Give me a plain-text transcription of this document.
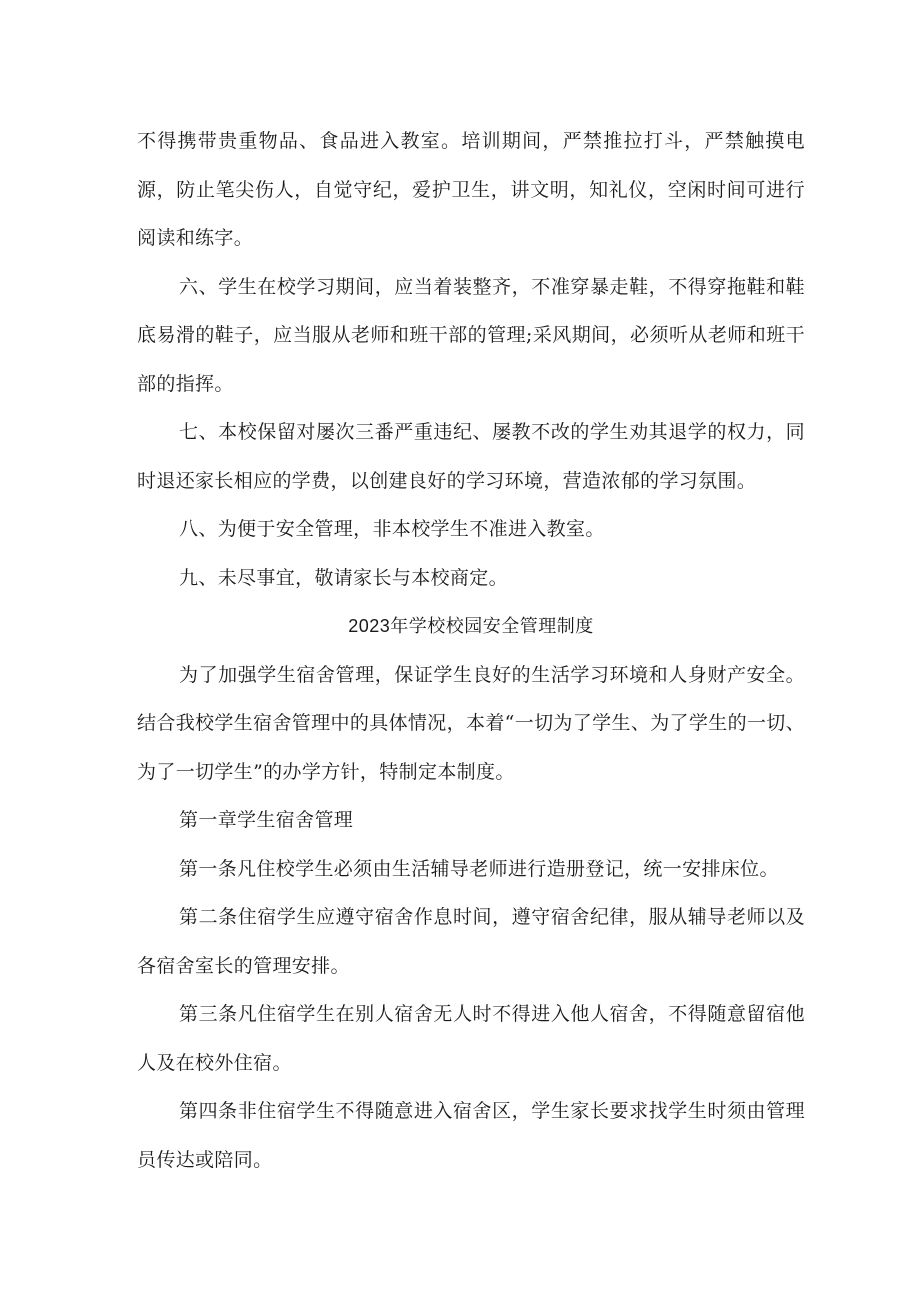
不得携带贵重物品、食品进入教室。培训期间，严禁推拉打斗，严禁触摸电源，防止笔尖伤人，自觉守纪，爱护卫生，讲文明，知礼仪，空闲时间可进行阅读和练字。

六、学生在校学习期间，应当着装整齐，不准穿暴走鞋，不得穿拖鞋和鞋底易滑的鞋子，应当服从老师和班干部的管理;采风期间，必须听从老师和班干部的指挥。

七、本校保留对屡次三番严重违纪、屡教不改的学生劝其退学的权力，同时退还家长相应的学费，以创建良好的学习环境，营造浓郁的学习氛围。

八、为便于安全管理，非本校学生不准进入教室。

九、未尽事宜，敬请家长与本校商定。

2023年学校校园安全管理制度

为了加强学生宿舍管理，保证学生良好的生活学习环境和人身财产安全。结合我校学生宿舍管理中的具体情况，本着“一切为了学生、为了学生的一切、为了一切学生”的办学方针，特制定本制度。

第一章学生宿舍管理

第一条凡住校学生必须由生活辅导老师进行造册登记，统一安排床位。

第二条住宿学生应遵守宿舍作息时间，遵守宿舍纪律，服从辅导老师以及各宿舍室长的管理安排。

第三条凡住宿学生在别人宿舍无人时不得进入他人宿舍，不得随意留宿他人及在校外住宿。

第四条非住宿学生不得随意进入宿舍区，学生家长要求找学生时须由管理员传达或陪同。
